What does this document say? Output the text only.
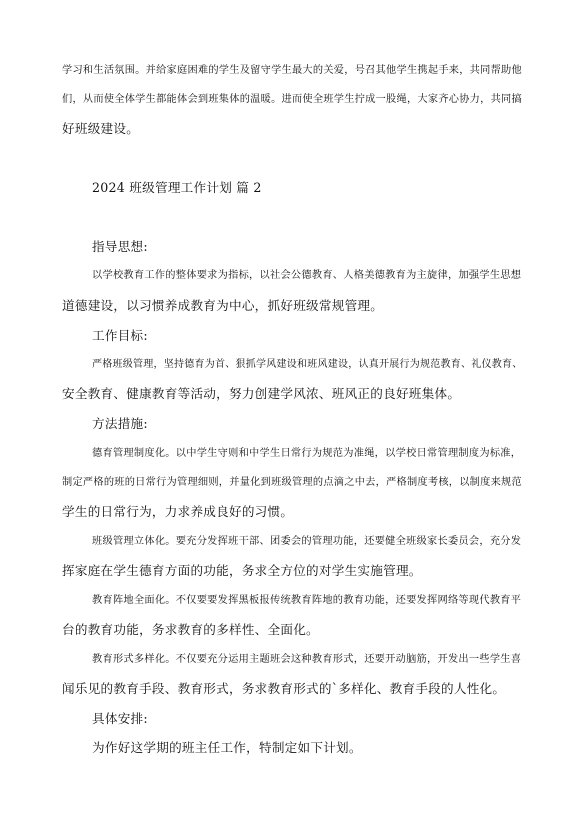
学习和生活氛围。并给家庭困难的学生及留守学生最大的关爱，号召其他学生携起手来，共同帮助他
们，从而使全体学生都能体会到班集体的温暖。进而使全班学生拧成一股绳，大家齐心协力，共同搞
好班级建设。
2024 班级管理工作计划 篇 2
指导思想:
以学校教育工作的整体要求为指标，以社会公德教育、人格美德教育为主旋律，加强学生思想
道德建设，以习惯养成教育为中心，抓好班级常规管理。
工作目标:
严格班级管理，坚持德育为首、狠抓学风建设和班风建设，认真开展行为规范教育、礼仪教育、
安全教育、健康教育等活动，努力创建学风浓、班风正的良好班集体。
方法措施:
德育管理制度化。以中学生守则和中学生日常行为规范为准绳，以学校日常管理制度为标准，
制定严格的班的日常行为管理细则，并量化到班级管理的点滴之中去，严格制度考核，以制度来规范
学生的日常行为，力求养成良好的习惯。
班级管理立体化。要充分发挥班干部、团委会的管理功能，还要健全班级家长委员会，充分发
挥家庭在学生德育方面的功能，务求全方位的对学生实施管理。
教育阵地全面化。不仅要要发挥黑板报传统教育阵地的教育功能，还要发挥网络等现代教育平
台的教育功能，务求教育的多样性、全面化。
教育形式多样化。不仅要充分运用主题班会这种教育形式，还要开动脑筋，开发出一些学生喜
闻乐见的教育手段、教育形式，务求教育形式的`多样化、教育手段的人性化。
具体安排:
为作好这学期的班主任工作，特制定如下计划。
